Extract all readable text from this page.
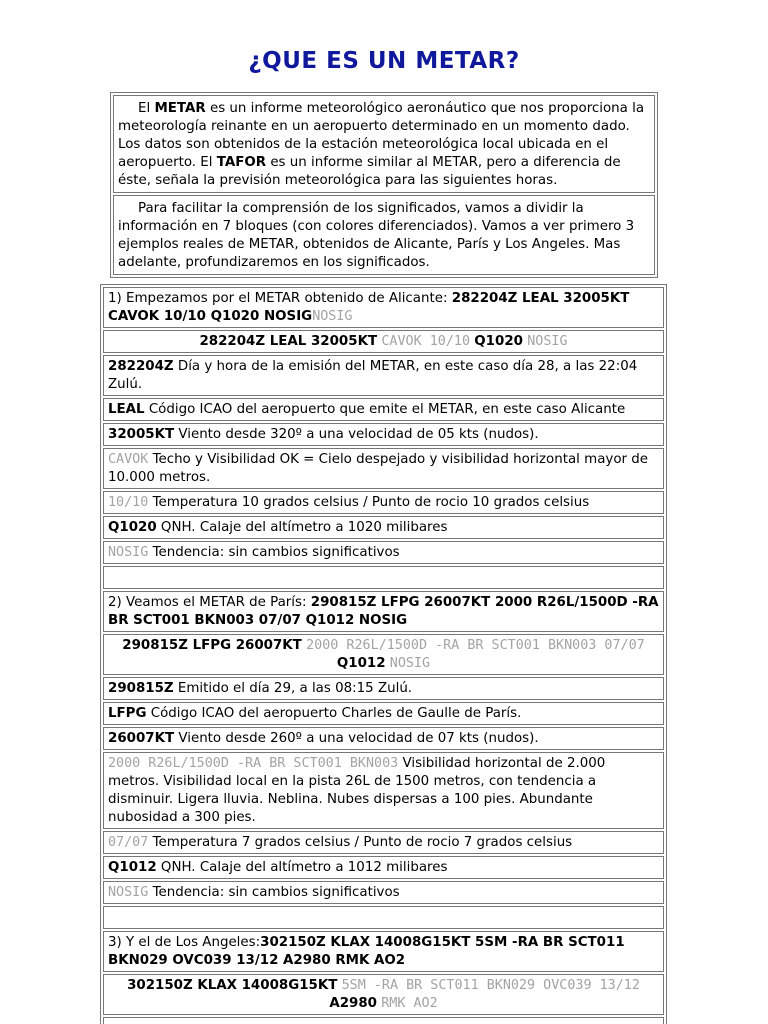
¿QUE ES UN METAR?

El METAR es un informe meteorológico aeronáutico que nos proporciona la meteorología reinante en un aeropuerto determinado en un momento dado. Los datos son obtenidos de la estación meteorológica local ubicada en el aeropuerto. El TAFOR es un informe similar al METAR, pero a diferencia de éste, señala la previsión meteorológica para las siguientes horas.

Para facilitar la comprensión de los significados, vamos a dividir la información en 7 bloques (con colores diferenciados). Vamos a ver primero 3 ejemplos reales de METAR, obtenidos de Alicante, París y Los Angeles. Mas adelante, profundizaremos en los significados.

1) Empezamos por el METAR obtenido de Alicante: 282204Z LEAL 32005KT CAVOK 10/10 Q1020 NOSIGNOSIG
282204Z LEAL 32005KT CAVOK 10/10 Q1020 NOSIG
282204Z Día y hora de la emisión del METAR, en este caso día 28, a las 22:04 Zulú.
LEAL Código ICAO del aeropuerto que emite el METAR, en este caso Alicante
32005KT Viento desde 320º a una velocidad de 05 kts (nudos).
CAVOK Techo y Visibilidad OK = Cielo despejado y visibilidad horizontal mayor de 10.000 metros.
10/10 Temperatura 10 grados celsius / Punto de rocio 10 grados celsius
Q1020 QNH. Calaje del altímetro a 1020 milibares
NOSIG Tendencia: sin cambios significativos
2) Veamos el METAR de París: 290815Z LFPG 26007KT 2000 R26L/1500D -RA BR SCT001 BKN003 07/07 Q1012 NOSIG
290815Z LFPG 26007KT 2000 R26L/1500D -RA BR SCT001 BKN003 07/07 Q1012 NOSIG
290815Z Emitido el día 29, a las 08:15 Zulú.
LFPG Código ICAO del aeropuerto Charles de Gaulle de París.
26007KT Viento desde 260º a una velocidad de 07 kts (nudos).
2000 R26L/1500D -RA BR SCT001 BKN003 Visibilidad horizontal de 2.000 metros. Visibilidad local en la pista 26L de 1500 metros, con tendencia a disminuir. Ligera lluvia. Neblina. Nubes dispersas a 100 pies. Abundante nubosidad a 300 pies.
07/07 Temperatura 7 grados celsius / Punto de rocio 7 grados celsius
Q1012 QNH. Calaje del altímetro a 1012 milibares
NOSIG Tendencia: sin cambios significativos
3) Y el de Los Angeles:302150Z KLAX 14008G15KT 5SM -RA BR SCT011 BKN029 OVC039 13/12 A2980 RMK AO2
302150Z KLAX 14008G15KT 5SM -RA BR SCT011 BKN029 OVC039 13/12 A2980 RMK AO2
